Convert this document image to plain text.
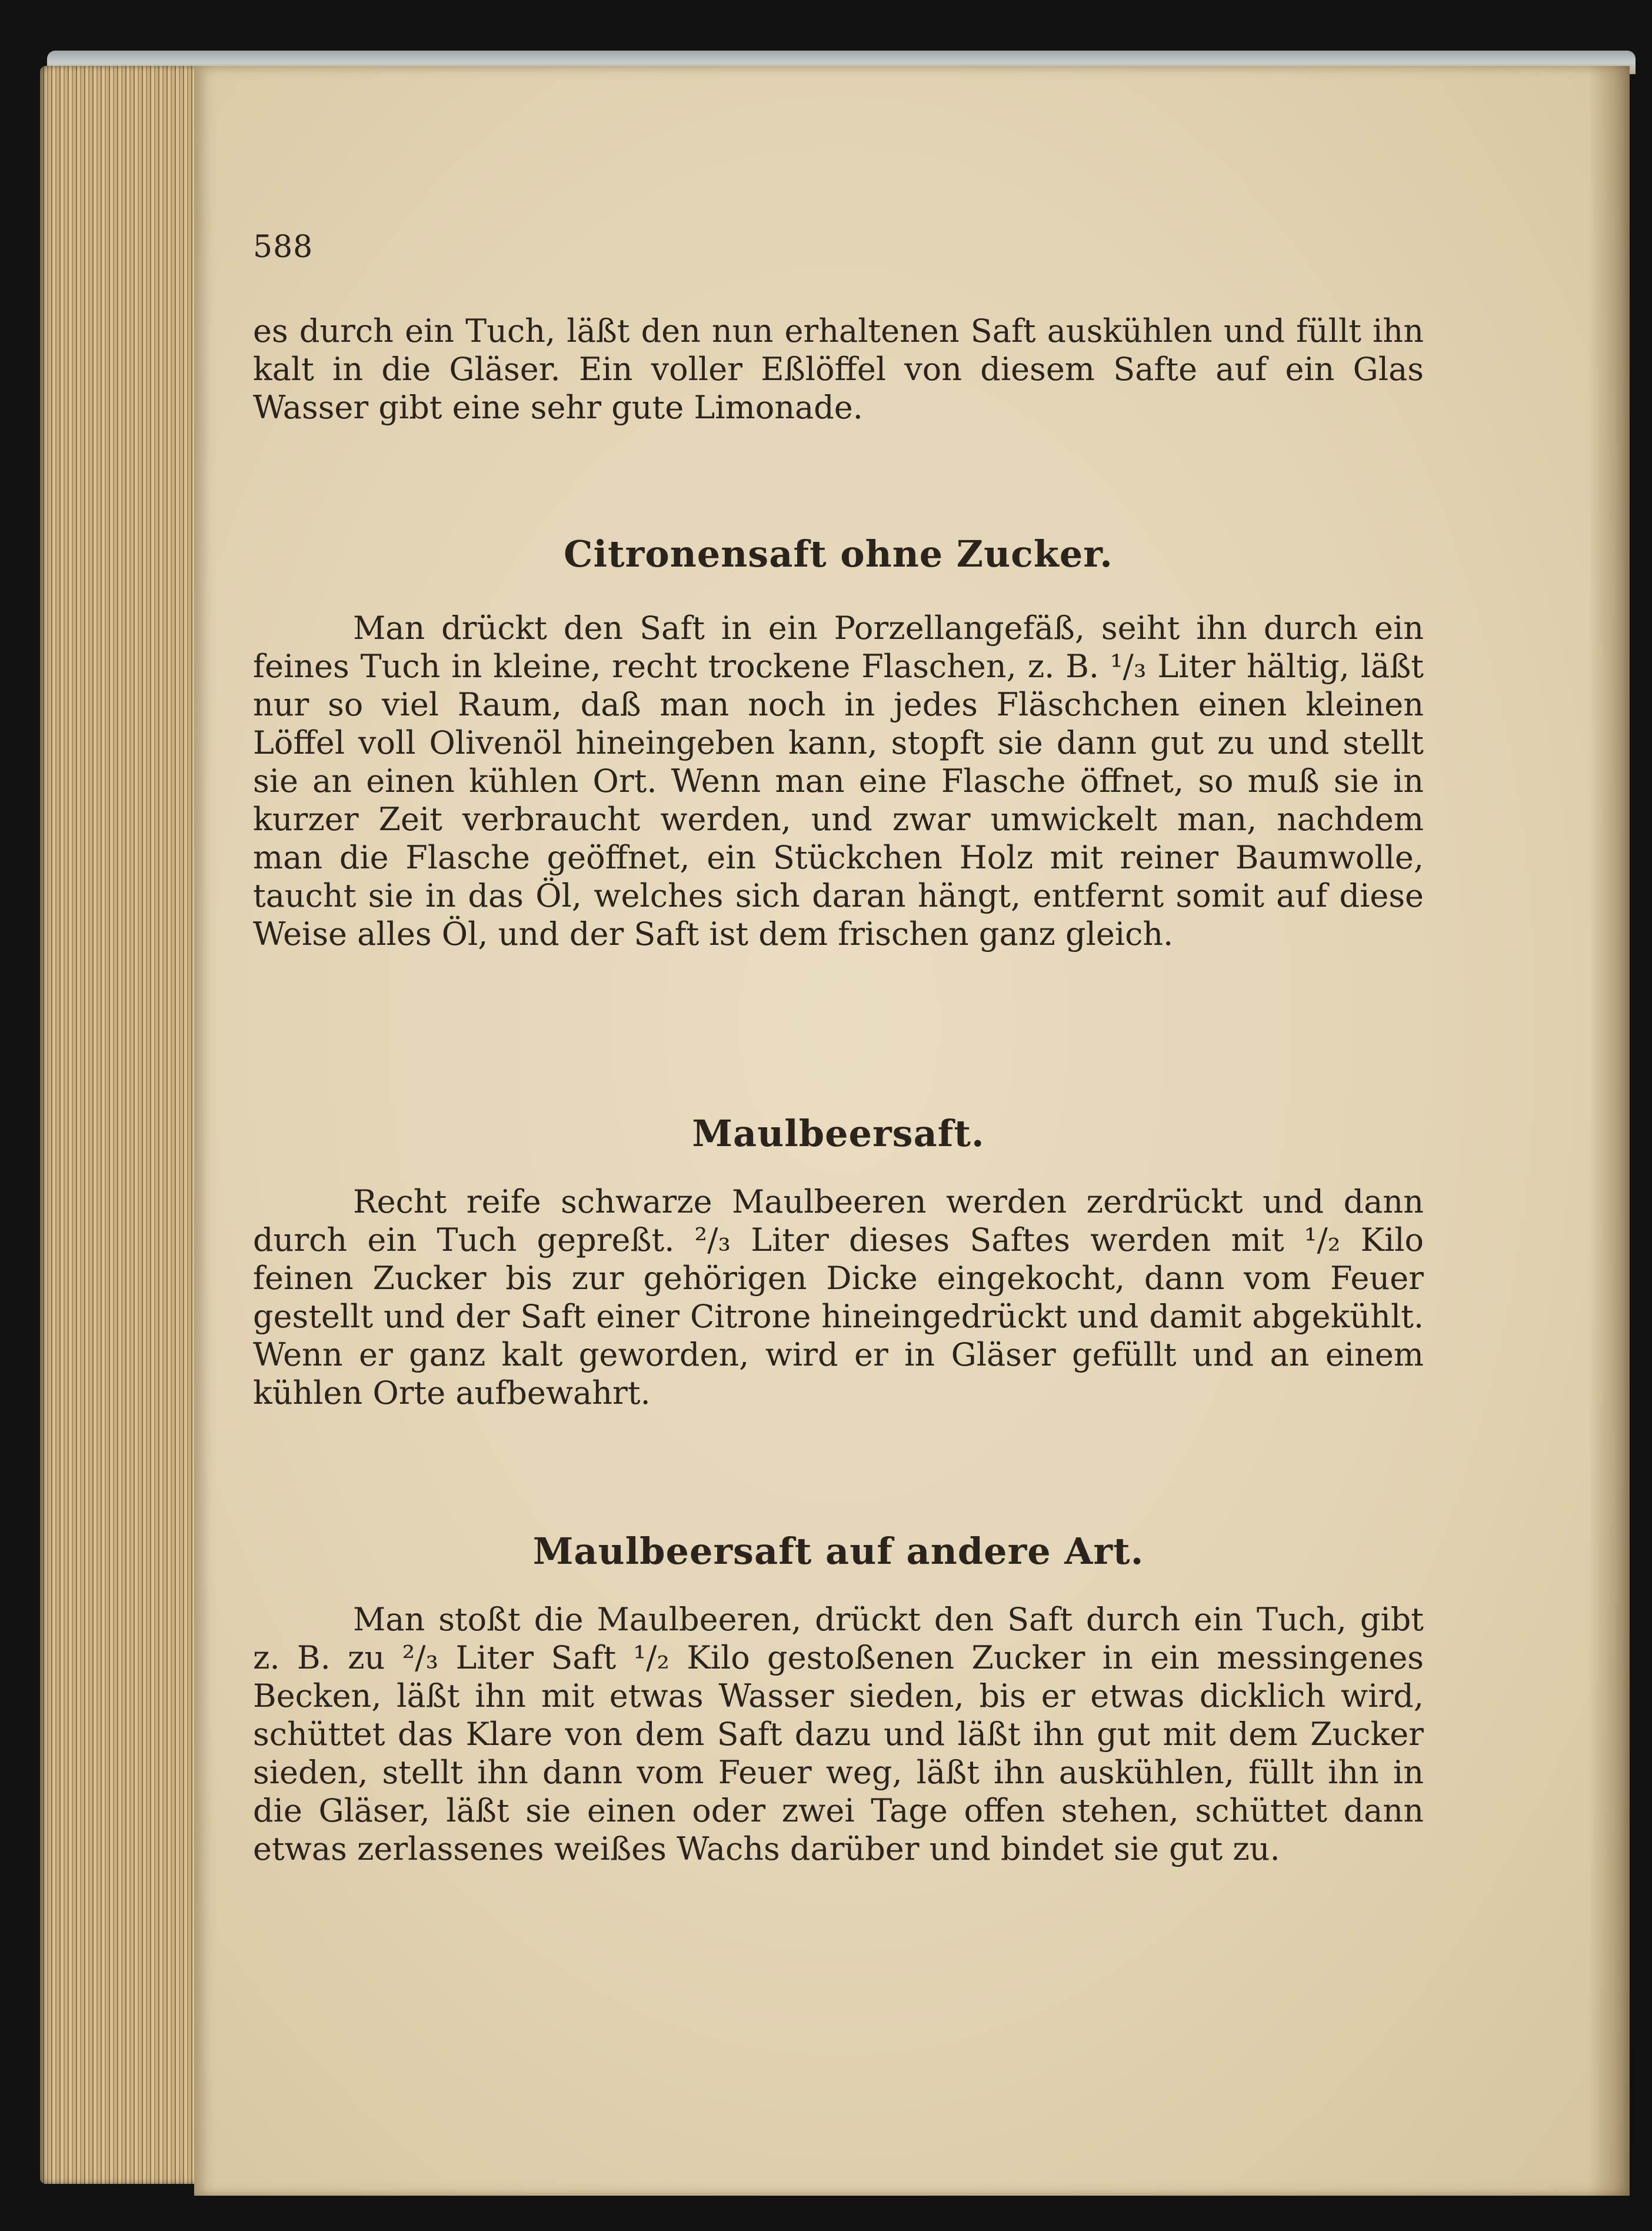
588

es durch ein Tuch, läßt den nun erhaltenen Saft auskühlen und füllt ihn kalt in die Gläser. Ein voller Eßlöffel von diesem Safte auf ein Glas Wasser gibt eine sehr gute Limonade.

Citronensaft ohne Zucker.

Man drückt den Saft in ein Porzellangefäß, seiht ihn durch ein feines Tuch in kleine, recht trockene Flaschen, z. B. ¹/₃ Liter hältig, läßt nur so viel Raum, daß man noch in jedes Fläschchen einen kleinen Löffel voll Olivenöl hineingeben kann, stopft sie dann gut zu und stellt sie an einen kühlen Ort. Wenn man eine Flasche öffnet, so muß sie in kurzer Zeit verbraucht werden, und zwar umwickelt man, nachdem man die Flasche geöffnet, ein Stückchen Holz mit reiner Baumwolle, taucht sie in das Öl, welches sich daran hängt, entfernt somit auf diese Weise alles Öl, und der Saft ist dem frischen ganz gleich.

Maulbeersaft.

Recht reife schwarze Maulbeeren werden zerdrückt und dann durch ein Tuch gepreßt. ²/₃ Liter dieses Saftes werden mit ¹/₂ Kilo feinen Zucker bis zur gehörigen Dicke eingekocht, dann vom Feuer gestellt und der Saft einer Citrone hineingedrückt und damit abgekühlt. Wenn er ganz kalt geworden, wird er in Gläser gefüllt und an einem kühlen Orte aufbewahrt.

Maulbeersaft auf andere Art.

Man stoßt die Maulbeeren, drückt den Saft durch ein Tuch, gibt z. B. zu ²/₃ Liter Saft ¹/₂ Kilo gestoßenen Zucker in ein messingenes Becken, läßt ihn mit etwas Wasser sieden, bis er etwas dicklich wird, schüttet das Klare von dem Saft dazu und läßt ihn gut mit dem Zucker sieden, stellt ihn dann vom Feuer weg, läßt ihn auskühlen, füllt ihn in die Gläser, läßt sie einen oder zwei Tage offen stehen, schüttet dann etwas zerlassenes weißes Wachs darüber und bindet sie gut zu.
